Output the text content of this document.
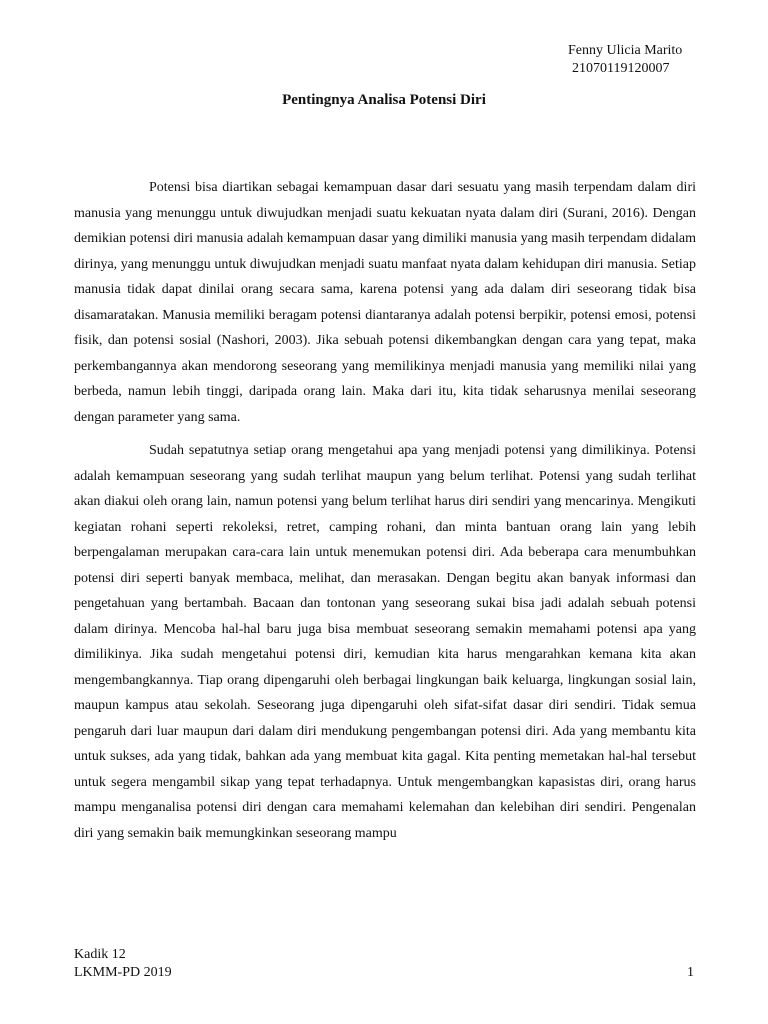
Fenny Ulicia Marito
21070119120007
Pentingnya Analisa Potensi Diri

Potensi bisa diartikan sebagai kemampuan dasar dari sesuatu yang masih terpendam dalam diri manusia yang menunggu untuk diwujudkan menjadi suatu kekuatan nyata dalam diri (Surani, 2016). Dengan demikian potensi diri manusia adalah kemampuan dasar yang dimiliki manusia yang masih terpendam didalam dirinya, yang menunggu untuk diwujudkan menjadi suatu manfaat nyata dalam kehidupan diri manusia. Setiap manusia tidak dapat dinilai orang secara sama, karena potensi yang ada dalam diri seseorang tidak bisa disamaratakan. Manusia memiliki beragam potensi diantaranya adalah potensi berpikir, potensi emosi, potensi fisik, dan potensi sosial (Nashori, 2003). Jika sebuah potensi dikembangkan dengan cara yang tepat, maka perkembangannya akan mendorong seseorang yang memilikinya menjadi manusia yang memiliki nilai yang berbeda, namun lebih tinggi, daripada orang lain. Maka dari itu, kita tidak seharusnya menilai seseorang dengan parameter yang sama.

Sudah sepatutnya setiap orang mengetahui apa yang menjadi potensi yang dimilikinya. Potensi adalah kemampuan seseorang yang sudah terlihat maupun yang belum terlihat. Potensi yang sudah terlihat akan diakui oleh orang lain, namun potensi yang belum terlihat harus diri sendiri yang mencarinya. Mengikuti kegiatan rohani seperti rekoleksi, retret, camping rohani, dan minta bantuan orang lain yang lebih berpengalaman merupakan cara-cara lain untuk menemukan potensi diri. Ada beberapa cara menumbuhkan potensi diri seperti banyak membaca, melihat, dan merasakan. Dengan begitu akan banyak informasi dan pengetahuan yang bertambah. Bacaan dan tontonan yang seseorang sukai bisa jadi adalah sebuah potensi dalam dirinya. Mencoba hal-hal baru juga bisa membuat seseorang semakin memahami potensi apa yang dimilikinya. Jika sudah mengetahui potensi diri, kemudian kita harus mengarahkan kemana kita akan mengembangkannya. Tiap orang dipengaruhi oleh berbagai lingkungan baik keluarga, lingkungan sosial lain, maupun kampus atau sekolah. Seseorang juga dipengaruhi oleh sifat-sifat dasar diri sendiri. Tidak semua pengaruh dari luar maupun dari dalam diri mendukung pengembangan potensi diri. Ada yang membantu kita untuk sukses, ada yang tidak, bahkan ada yang membuat kita gagal. Kita penting memetakan hal-hal tersebut untuk segera mengambil sikap yang tepat terhadapnya. Untuk mengembangkan kapasistas diri, orang harus mampu menganalisa potensi diri dengan cara memahami kelemahan dan kelebihan diri sendiri. Pengenalan diri yang semakin baik memungkinkan seseorang mampu

Kadik 12
LKMM-PD 2019	1
